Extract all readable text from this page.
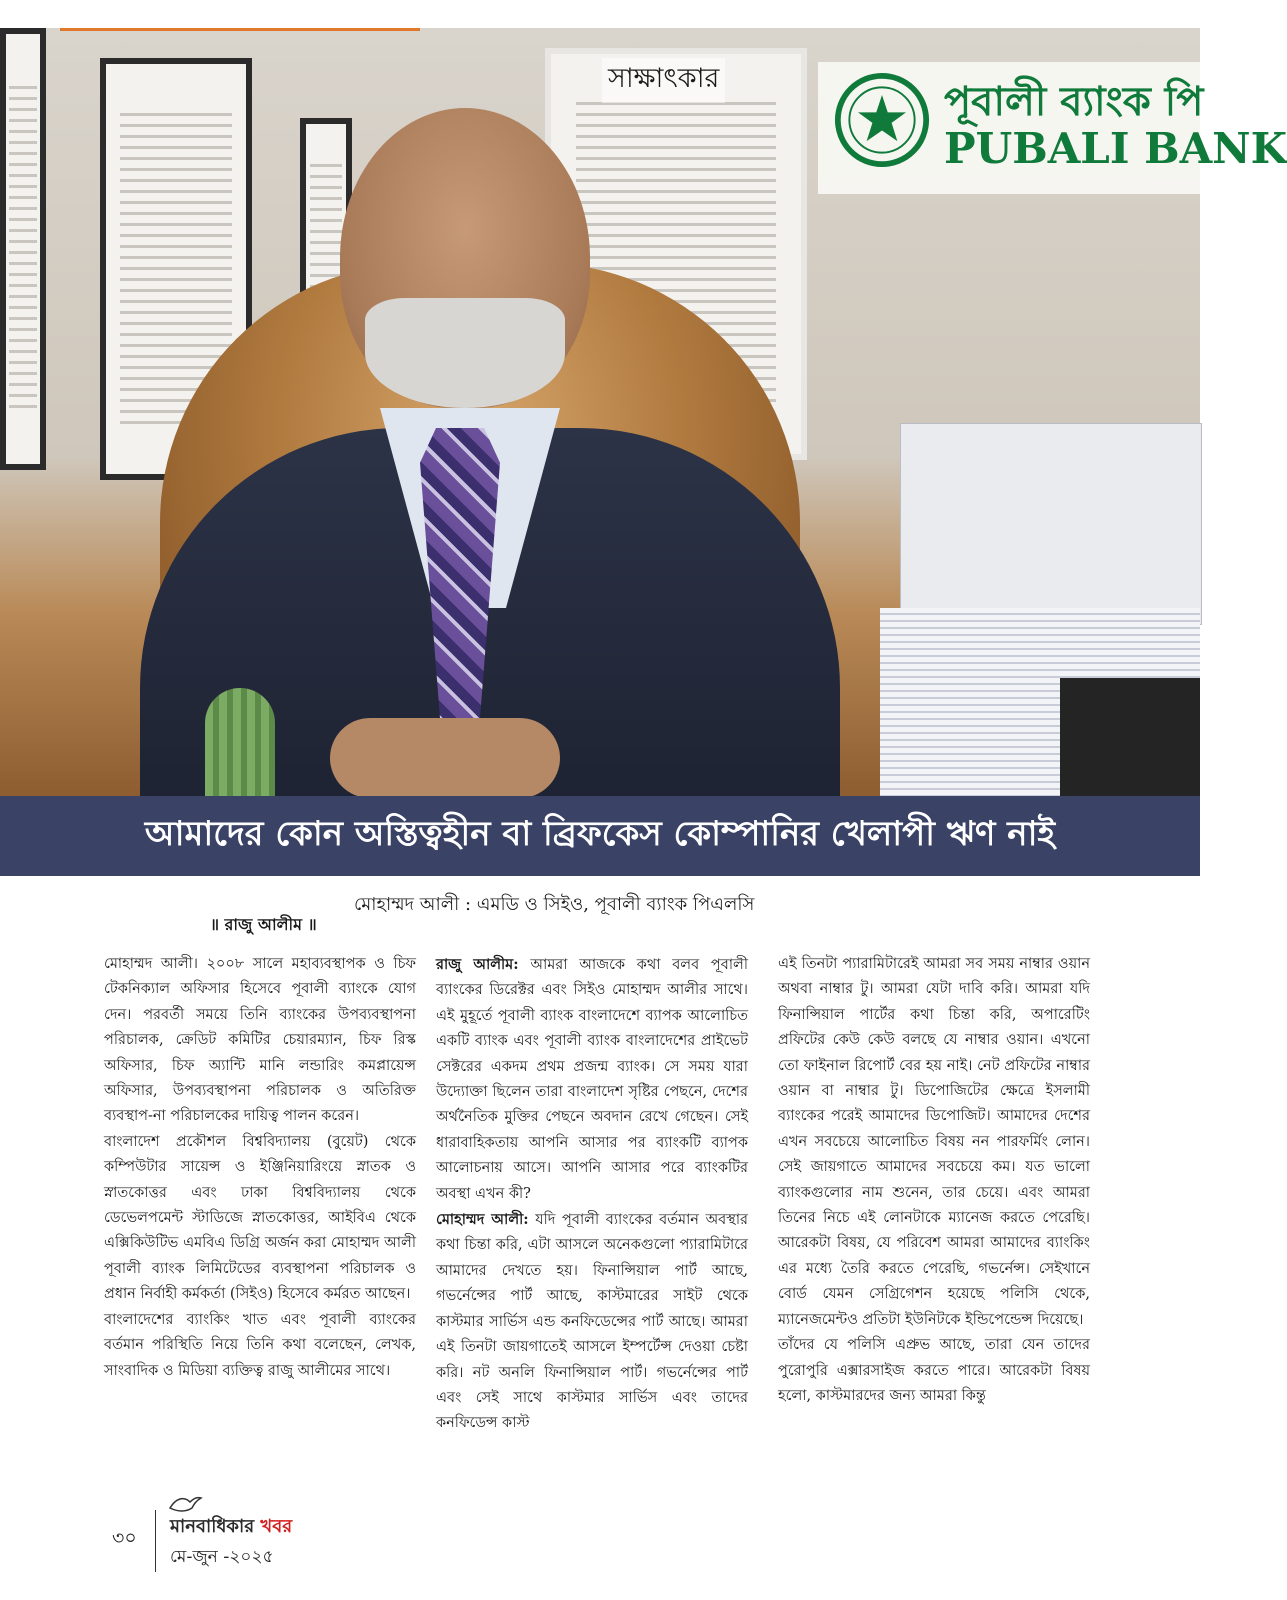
সাক্ষাৎকার
পূবালী ব্যাংক পি
PUBALI BANK
আমাদের কোন অস্তিত্বহীন বা ব্রিফকেস কোম্পানির খেলাপী ঋণ নাই
মোহাম্মদ আলী : এমডি ও সিইও, পূবালী ব্যাংক পিএলসি
॥ রাজু আলীম ॥

মোহাম্মদ আলী। ২০০৮ সালে মহাব্যবস্থাপক ও চিফ টেকনিক্যাল অফিসার হিসেবে পূবালী ব্যাংকে যোগ দেন। পরবর্তী সময়ে তিনি ব্যাংকের উপব্যবস্থাপনা পরিচালক, ক্রেডিট কমিটির চেয়ারম্যান, চিফ রিস্ক অফিসার, চিফ অ্যান্টি মানি লন্ডারিং কমপ্লায়েন্স অফিসার, উপব্যবস্থাপনা পরিচালক ও অতিরিক্ত ব্যবস্থাপ-না পরিচালকের দায়িত্ব পালন করেন।

বাংলাদেশ প্রকৌশল বিশ্ববিদ্যালয় (বুয়েট) থেকে কম্পিউটার সায়েন্স ও ইঞ্জিনিয়ারিংয়ে স্নাতক ও স্নাতকোত্তর এবং ঢাকা বিশ্ববিদ্যালয় থেকে ডেভেলপমেন্ট স্টাডিজে স্নাতকোত্তর, আইবিএ থেকে এক্সিকিউটিভ এমবিএ ডিগ্রি অর্জন করা মোহাম্মদ আলী পূবালী ব্যাংক লিমিটেডের ব্যবস্থাপনা পরিচালক ও প্রধান নির্বাহী কর্মকর্তা (সিইও) হিসেবে কর্মরত আছেন।

বাংলাদেশের ব্যাংকিং খাত এবং পূবালী ব্যাংকের বর্তমান পরিস্থিতি নিয়ে তিনি কথা বলেছেন, লেখক, সাংবাদিক ও মিডিয়া ব্যক্তিত্ব রাজু আলীমের সাথে।

রাজু আলীম: আমরা আজকে কথা বলব পূবালী ব্যাংকের ডিরেক্টর এবং সিইও মোহাম্মদ আলীর সাথে। এই মুহূর্তে পূবালী ব্যাংক বাংলাদেশে ব্যাপক আলোচিত একটি ব্যাংক এবং পূবালী ব্যাংক বাংলাদেশের প্রাইভেট সেক্টরের একদম প্রথম প্রজন্ম ব্যাংক। সে সময় যারা উদ্যোক্তা ছিলেন তারা বাংলাদেশ সৃষ্টির পেছনে, দেশের অর্থনৈতিক মুক্তির পেছনে অবদান রেখে গেছেন। সেই ধারাবাহিকতায় আপনি আসার পর ব্যাংকটি ব্যাপক আলোচনায় আসে। আপনি আসার পরে ব্যাংকটির অবস্থা এখন কী?

মোহাম্মদ আলী: যদি পূবালী ব্যাংকের বর্তমান অবস্থার কথা চিন্তা করি, এটা আসলে অনেকগুলো প্যারামিটারে আমাদের দেখতে হয়। ফিনান্সিয়াল পার্ট আছে, গভর্নেন্সের পার্ট আছে, কাস্টমারের সাইট থেকে কাস্টমার সার্ভিস এন্ড কনফিডেন্সের পার্ট আছে। আমরা এই তিনটা জায়গাতেই আসলে ইম্পর্টেন্স দেওয়া চেষ্টা করি। নট অনলি ফিনান্সিয়াল পার্ট। গভর্নেন্সের পার্ট এবং সেই সাথে কাস্টমার সার্ভিস এবং তাদের কনফিডেন্স কাস্ট

এই তিনটা প্যারামিটারেই আমরা সব সময় নাম্বার ওয়ান অথবা নাম্বার টু। আমরা যেটা দাবি করি। আমরা যদি ফিনান্সিয়াল পার্টের কথা চিন্তা করি, অপারেটিং প্রফিটের কেউ কেউ বলছে যে নাম্বার ওয়ান। এখনো তো ফাইনাল রিপোর্ট বের হয় নাই। নেট প্রফিটের নাম্বার ওয়ান বা নাম্বার টু। ডিপোজিটের ক্ষেত্রে ইসলামী ব্যাংকের পরেই আমাদের ডিপোজিট। আমাদের দেশের এখন সবচেয়ে আলোচিত বিষয় নন পারফর্মিং লোন। সেই জায়গাতে আমাদের সবচেয়ে কম। যত ভালো ব্যাংকগুলোর নাম শুনেন, তার চেয়ে। এবং আমরা তিনের নিচে এই লোনটাকে ম্যানেজ করতে পেরেছি। আরেকটা বিষয়, যে পরিবেশ আমরা আমাদের ব্যাংকিং এর মধ্যে তৈরি করতে পেরেছি, গভর্নেন্স। সেইখানে বোর্ড যেমন সেগ্রিগেশন হয়েছে পলিসি থেকে, ম্যানেজমেন্টও প্রতিটা ইউনিটকে ইন্ডিপেন্ডেন্স দিয়েছে।

তাঁদের যে পলিসি এপ্রুভ আছে, তারা যেন তাদের পুরোপুরি এক্সারসাইজ করতে পারে। আরেকটা বিষয় হলো, কাস্টমারদের জন্য আমরা কিন্তু

৩০
মানবাধিকার খবর
মে-জুন -২০২৫
